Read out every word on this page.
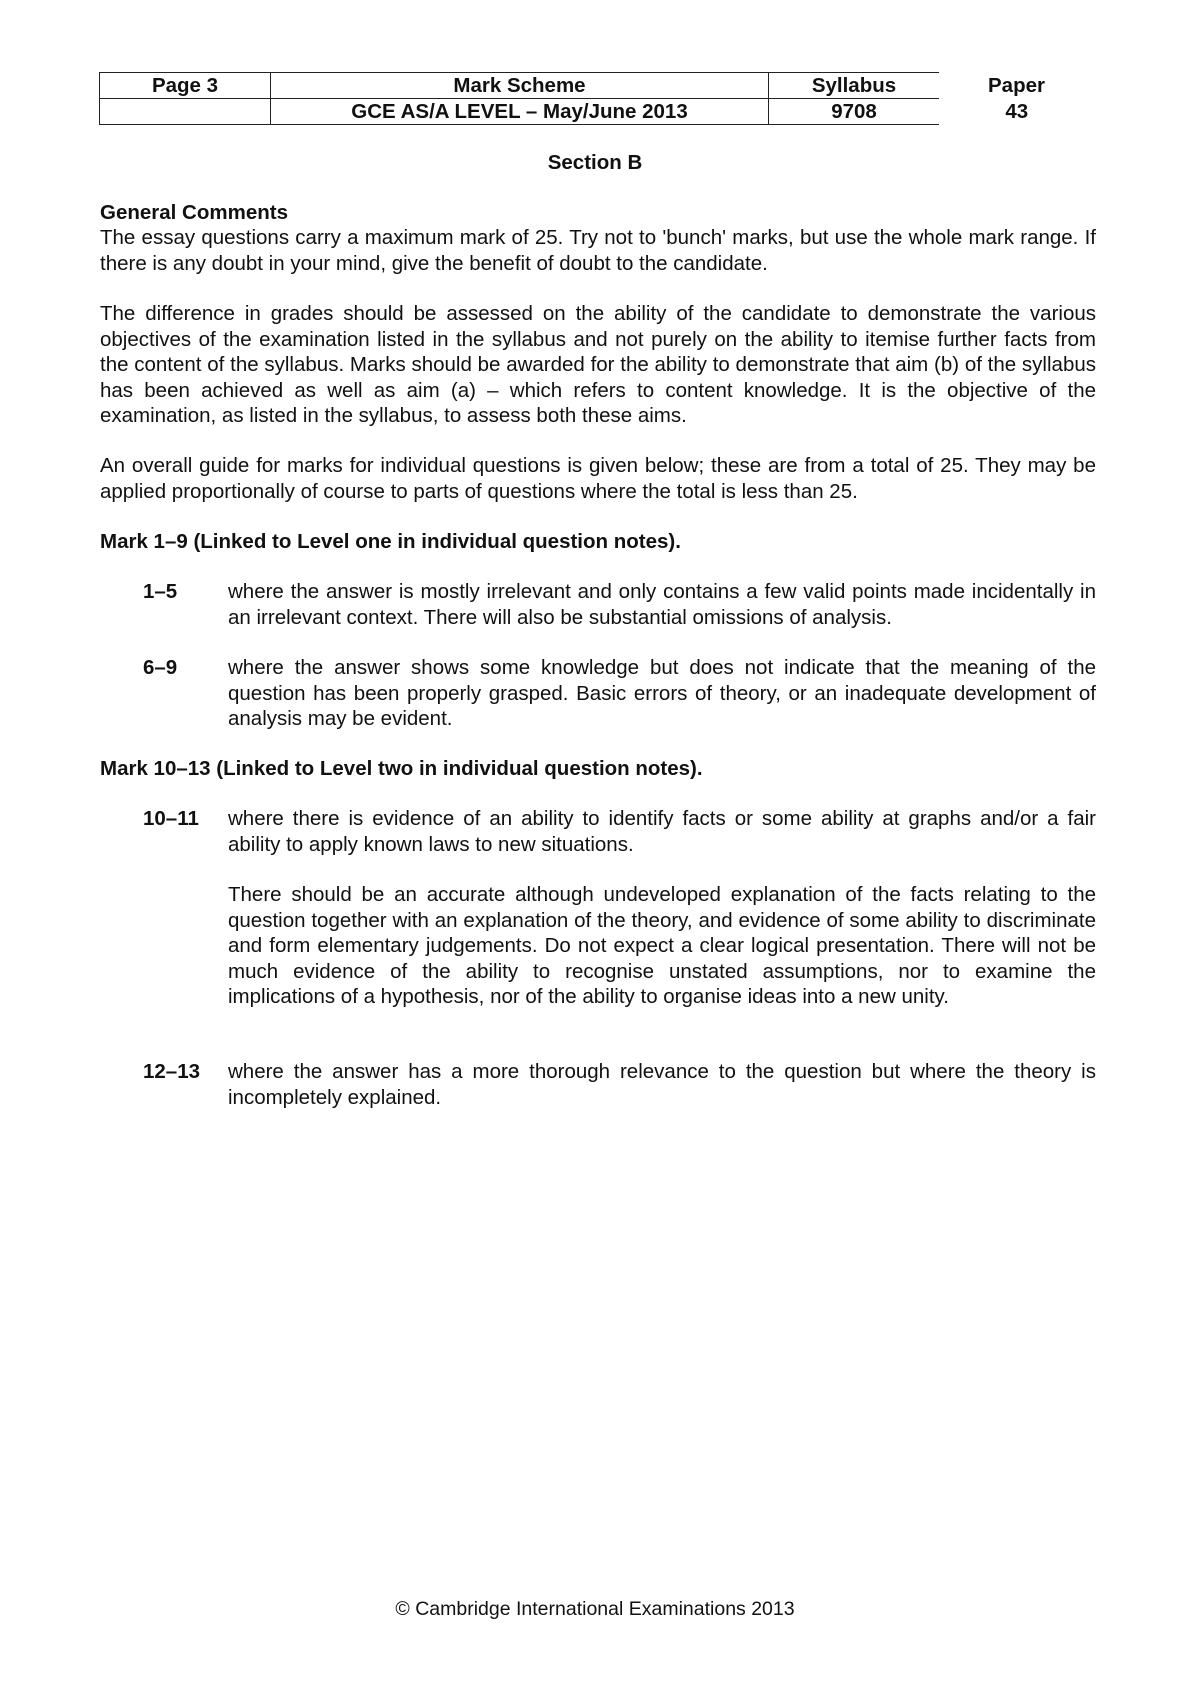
Page 3	Mark Scheme	Syllabus	Paper
	GCE AS/A LEVEL – May/June 2013	9708	43
Section B
General Comments
The essay questions carry a maximum mark of 25. Try not to 'bunch' marks, but use the whole mark range. If there is any doubt in your mind, give the benefit of doubt to the candidate.
The difference in grades should be assessed on the ability of the candidate to demonstrate the various objectives of the examination listed in the syllabus and not purely on the ability to itemise further facts from the content of the syllabus. Marks should be awarded for the ability to demonstrate that aim (b) of the syllabus has been achieved as well as aim (a) – which refers to content knowledge. It is the objective of the examination, as listed in the syllabus, to assess both these aims.
An overall guide for marks for individual questions is given below; these are from a total of 25. They may be applied proportionally of course to parts of questions where the total is less than 25.
Mark 1–9 (Linked to Level one in individual question notes).
1–5 where the answer is mostly irrelevant and only contains a few valid points made incidentally in an irrelevant context. There will also be substantial omissions of analysis.
6–9 where the answer shows some knowledge but does not indicate that the meaning of the question has been properly grasped. Basic errors of theory, or an inadequate development of analysis may be evident.
Mark 10–13 (Linked to Level two in individual question notes).
10–11 where there is evidence of an ability to identify facts or some ability at graphs and/or a fair ability to apply known laws to new situations.
There should be an accurate although undeveloped explanation of the facts relating to the question together with an explanation of the theory, and evidence of some ability to discriminate and form elementary judgements. Do not expect a clear logical presentation. There will not be much evidence of the ability to recognise unstated assumptions, nor to examine the implications of a hypothesis, nor of the ability to organise ideas into a new unity.
12–13 where the answer has a more thorough relevance to the question but where the theory is incompletely explained.
© Cambridge International Examinations 2013
